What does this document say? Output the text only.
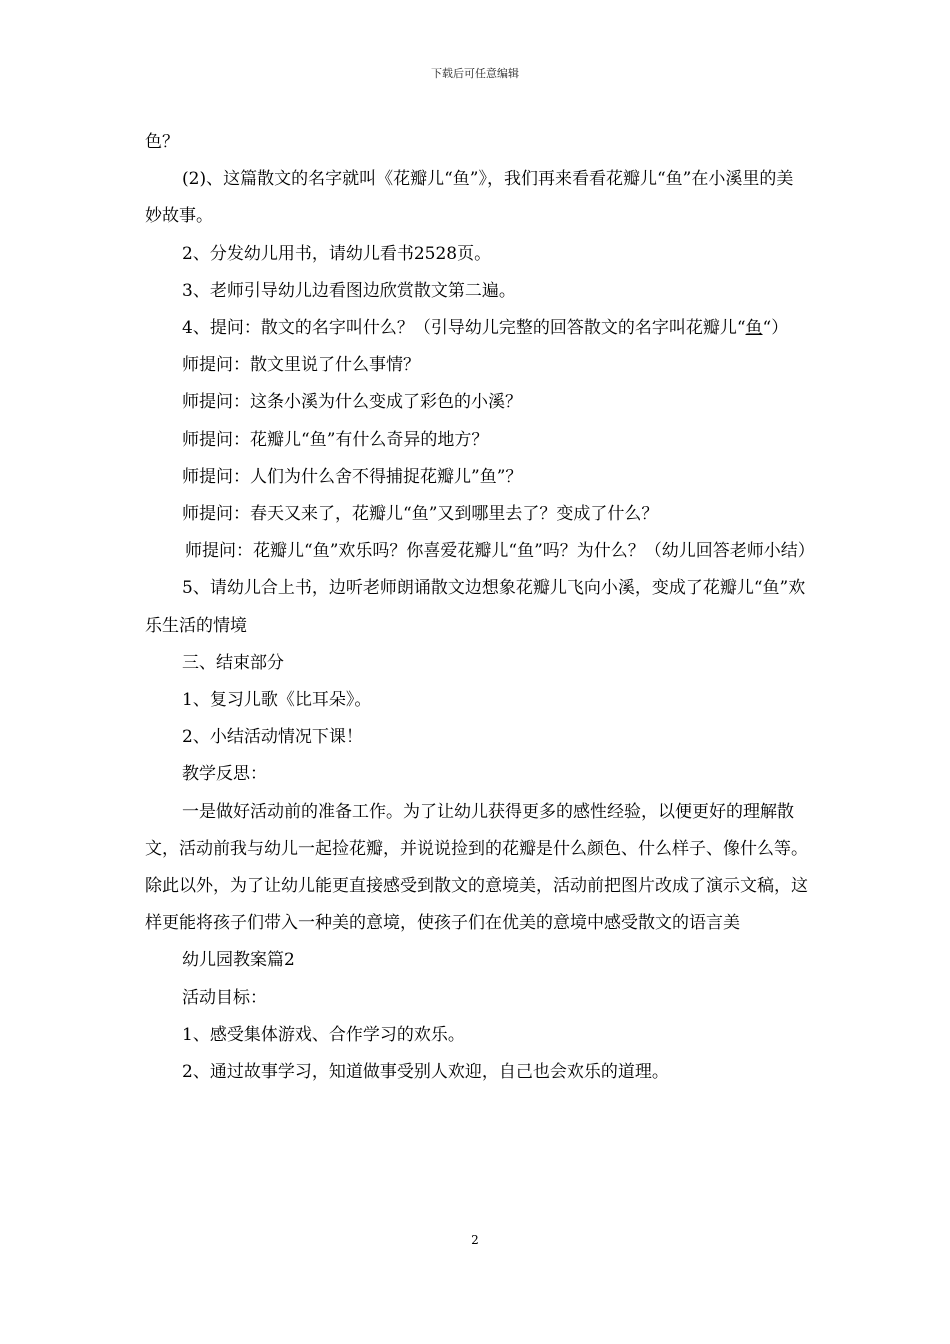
下载后可任意编辑

色？

(2)、这篇散文的名字就叫《花瓣儿“鱼”》，我们再来看看花瓣儿“鱼”在小溪里的美妙故事。

2、分发幼儿用书，请幼儿看书2528页。

3、老师引导幼儿边看图边欣赏散文第二遍。

4、提问：散文的名字叫什么？（引导幼儿完整的回答散文的名字叫花瓣儿“鱼“）

师提问：散文里说了什么事情？

师提问：这条小溪为什么变成了彩色的小溪？

师提问：花瓣儿“鱼”有什么奇异的地方？

师提问：人们为什么舍不得捕捉花瓣儿”鱼”？

师提问：春天又来了，花瓣儿“鱼”又到哪里去了？变成了什么？

师提问：花瓣儿“鱼”欢乐吗？你喜爱花瓣儿“鱼”吗？为什么？（幼儿回答老师小结）

5、请幼儿合上书，边听老师朗诵散文边想象花瓣儿飞向小溪，变成了花瓣儿“鱼”欢乐生活的情境

三、结束部分

1、复习儿歌《比耳朵》。

2、小结活动情况下课！

教学反思：

一是做好活动前的准备工作。为了让幼儿获得更多的感性经验，以便更好的理解散文，活动前我与幼儿一起捡花瓣，并说说捡到的花瓣是什么颜色、什么样子、像什么等。除此以外，为了让幼儿能更直接感受到散文的意境美，活动前把图片改成了演示文稿，这样更能将孩子们带入一种美的意境，使孩子们在优美的意境中感受散文的语言美

幼儿园教案篇2

活动目标：

1、感受集体游戏、合作学习的欢乐。

2、通过故事学习，知道做事受别人欢迎，自己也会欢乐的道理。

2
